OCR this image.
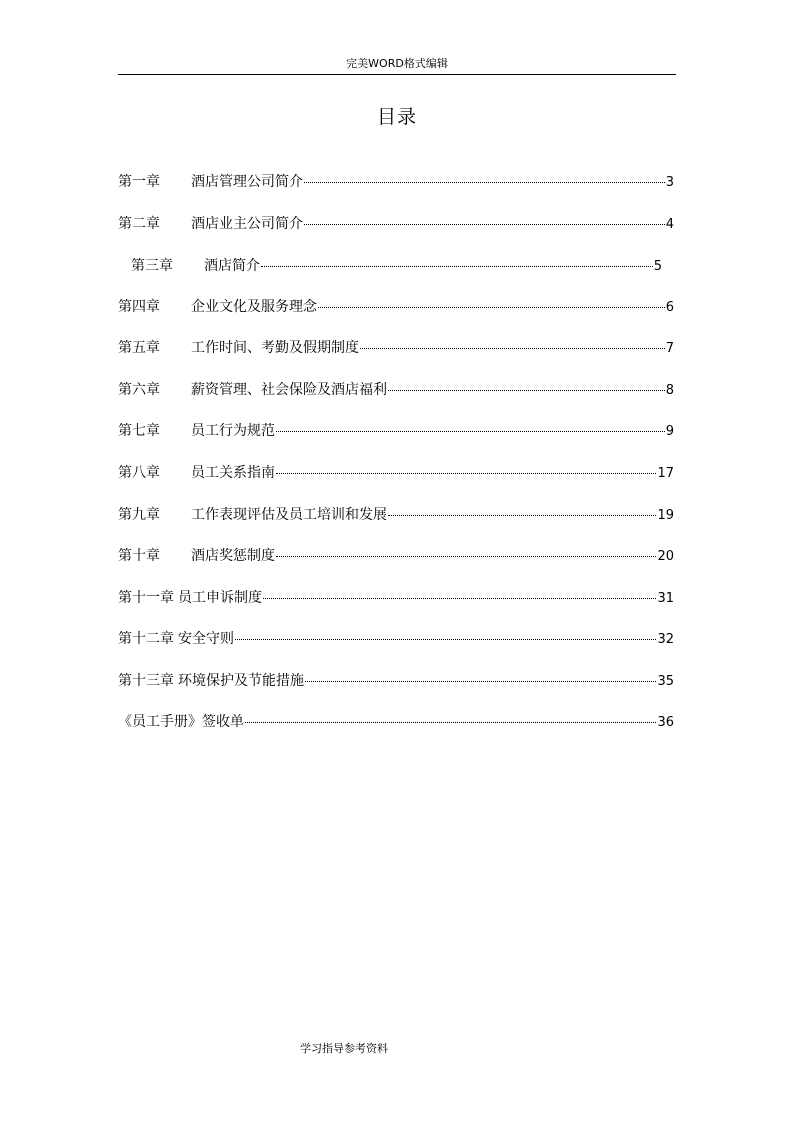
完美WORD格式编辑
目录
第一章	酒店管理公司简介	3
第二章	酒店业主公司简介	4
第三章	酒店简介	5
第四章	企业文化及服务理念	6
第五章	工作时间、考勤及假期制度	7
第六章	薪资管理、社会保险及酒店福利	8
第七章	员工行为规范	9
第八章	员工关系指南	17
第九章	工作表现评估及员工培训和发展	19
第十章	酒店奖惩制度	20
第十一章 员工申诉制度	31
第十二章 安全守则	32
第十三章 环境保护及节能措施	35
《员工手册》签收单	36
学习指导参考资料
